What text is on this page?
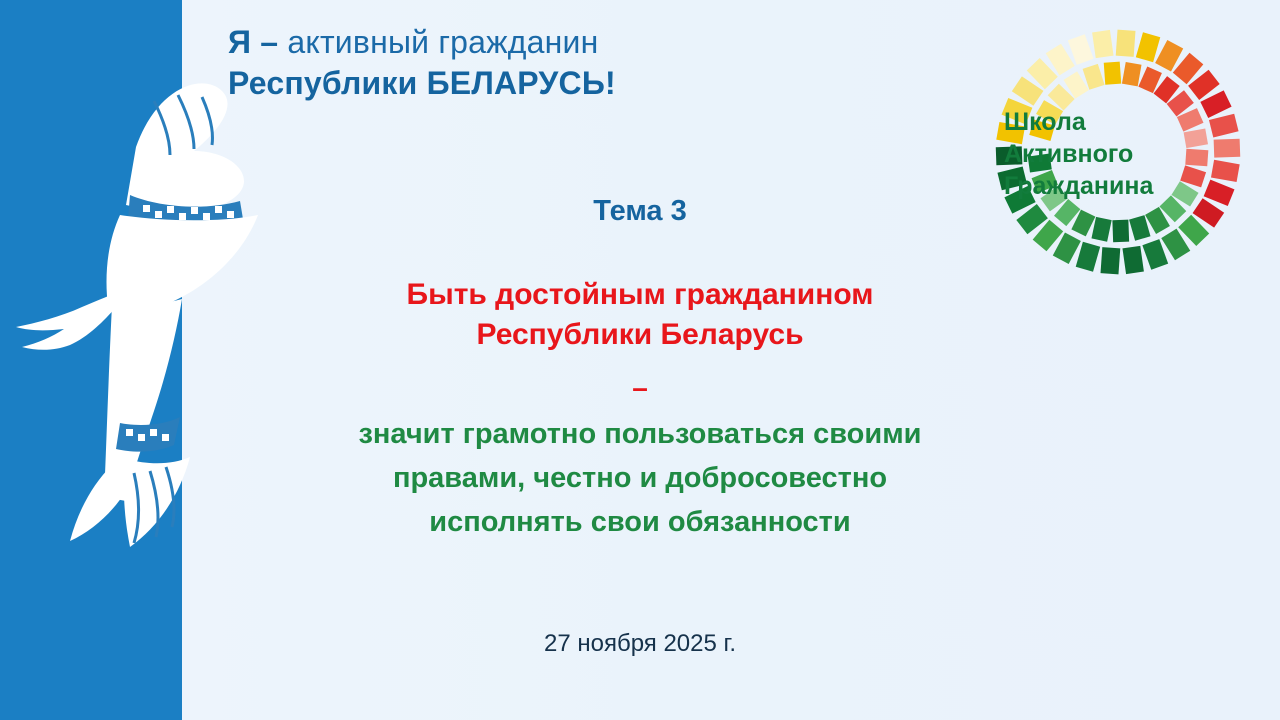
Я – активный гражданин
Республики БЕЛАРУСЬ!
Школа
Активного
Гражданина
Тема 3
Быть достойным гражданином Республики Беларусь
–
значит грамотно пользоваться своими правами, честно и добросовестно исполнять свои обязанности
27 ноября 2025 г.
